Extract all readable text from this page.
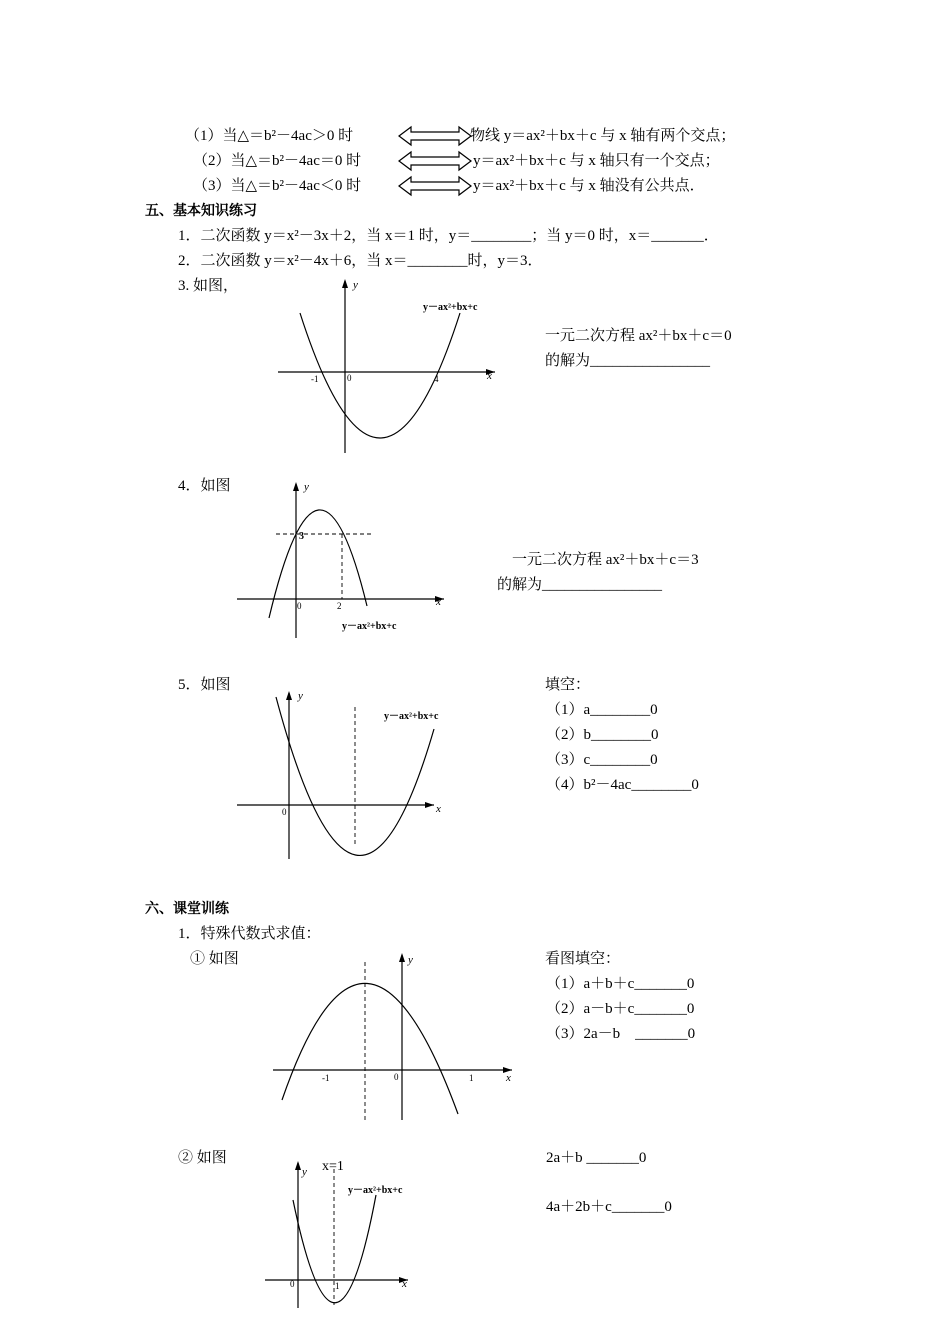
（1）当△＝b²－4ac＞0 时	物线 y＝ax²＋bx＋c 与 x 轴有两个交点；
（2）当△＝b²－4ac＝0 时	y＝ax²＋bx＋c 与 x 轴只有一个交点；
（3）当△＝b²－4ac＜0 时	y＝ax²＋bx＋c 与 x 轴没有公共点．
五、基本知识练习
1．二次函数 y＝x²－3x＋2，当 x＝1 时，y＝________；当 y＝0 时，x＝_______．
2．二次函数 y＝x²－4x＋6，当 x＝________时，y＝3．
3. 如图，	y
x
0
-1	4
y－ax²+bx+c
一元二次方程 ax²＋bx＋c＝0
的解为________________
4．如图	y
x
0	2
3
y－ax²+bx+c
一元二次方程 ax²＋bx＋c＝3
的解为________________
5．如图
y
x
0
y－ax²+bx+c
填空：
（1）a________0
（2）b________0
（3）c________0
（4）b²－4ac________0
六、课堂训练
1．特殊代数式求值：
① 如图	y
x
0
-1	1
看图填空：
（1）a＋b＋c_______0
（2）a－b＋c_______0
（3）2a－b　_______0
② 如图
y x=1
x
0	1
y－ax²+bx+c
2a＋b _______0
4a＋2b＋c_______0
